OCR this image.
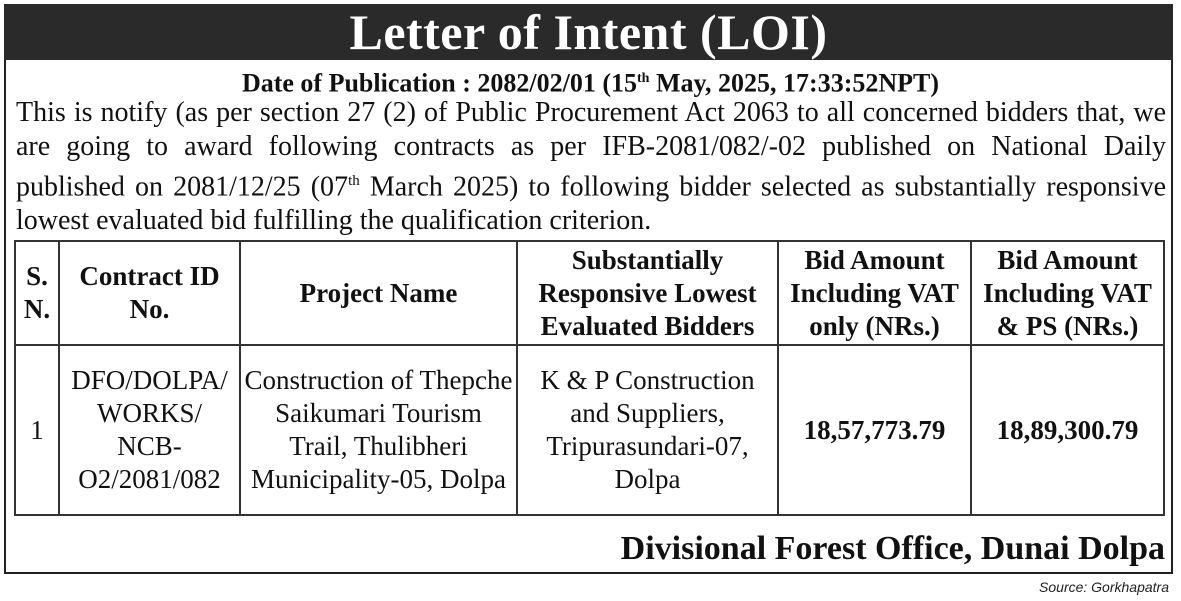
Letter of Intent (LOI)
Date of Publication : 2082/02/01 (15th May, 2025, 17:33:52NPT)
This is notify (as per section 27 (2) of Public Procurement Act 2063 to all concerned bidders that, we are going to award following contracts as per IFB-2081/082/-02 published on National Daily published on 2081/12/25 (07th March 2025) to following bidder selected as substantially responsive lowest evaluated bid fulfilling the qualification criterion.
S. N.	Contract ID No.	Project Name	Substantially Responsive Lowest Evaluated Bidders	Bid Amount Including VAT only (NRs.)	Bid Amount Including VAT & PS (NRs.)
1	DFO/DOLPA/ WORKS/ NCB- O2/2081/082	Construction of Thepche Saikumari Tourism Trail, Thulibheri Municipality-05, Dolpa	K & P Construction and Suppliers, Tripurasundari-07, Dolpa	18,57,773.79	18,89,300.79
Divisional Forest Office, Dunai Dolpa
Source: Gorkhapatra
